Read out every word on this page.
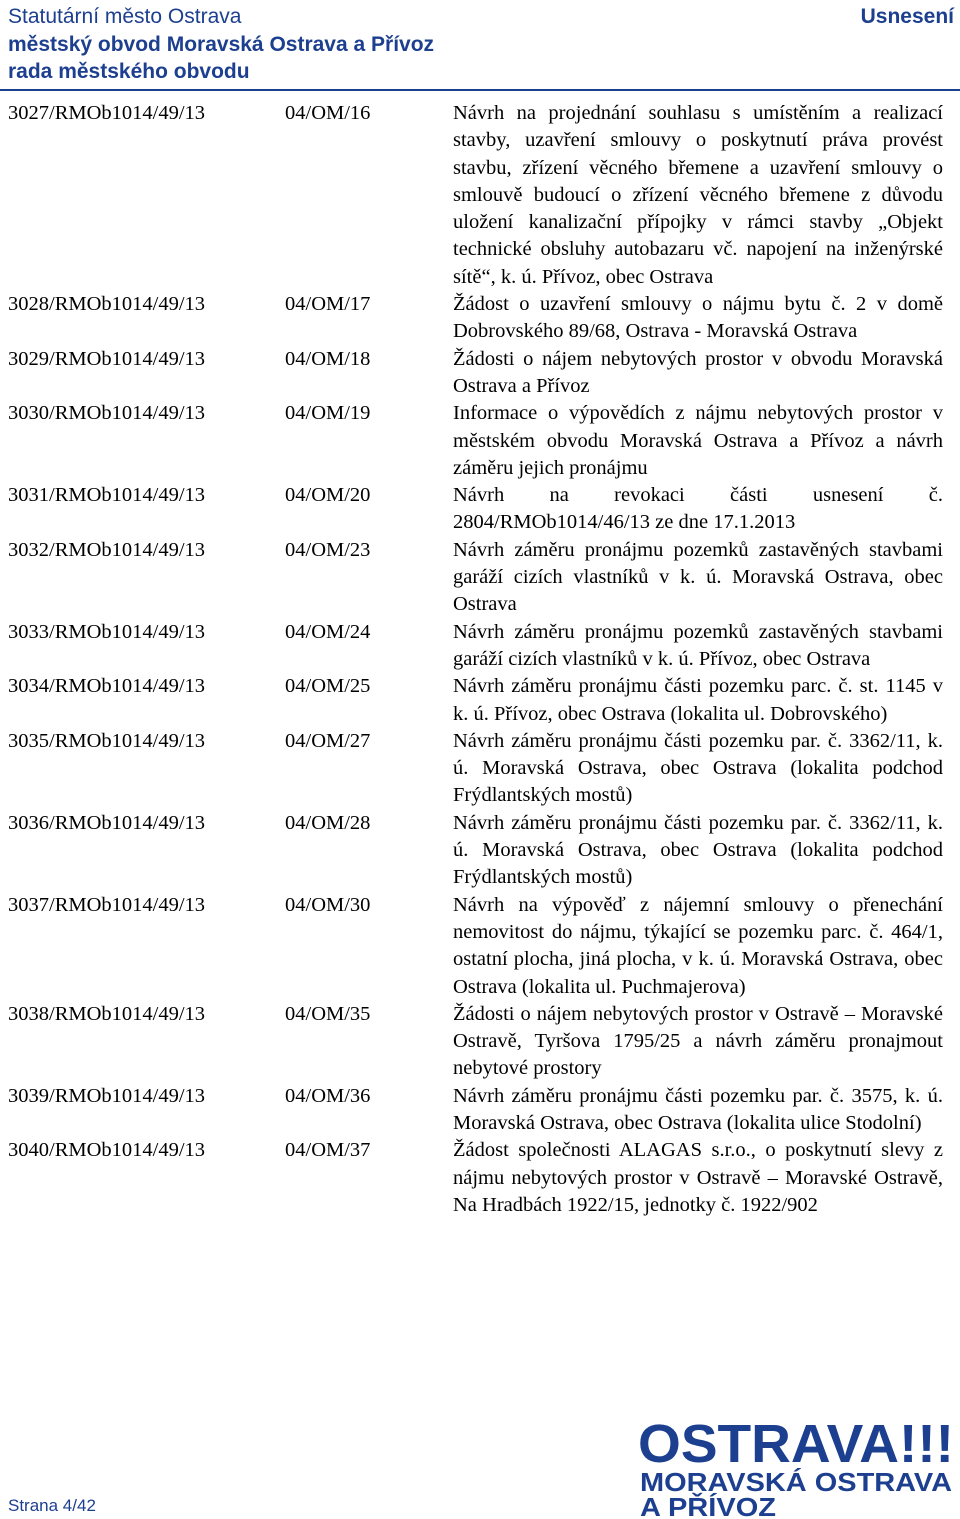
Statutární město Ostrava
městský obvod Moravská Ostrava a Přívoz
rada městského obvodu
Usnesení
3027/RMOb1014/49/13	04/OM/16	Návrh na projednání souhlasu s umístěním a realizací stavby, uzavření smlouvy o poskytnutí práva provést stavbu, zřízení věcného břemene a uzavření smlouvy o smlouvě budoucí o zřízení věcného břemene z důvodu uložení kanalizační přípojky v rámci stavby „Objekt technické obsluhy autobazaru vč. napojení na inženýrské sítě“, k. ú. Přívoz, obec Ostrava
3028/RMOb1014/49/13	04/OM/17	Žádost o uzavření smlouvy o nájmu bytu č. 2 v domě Dobrovského 89/68, Ostrava - Moravská Ostrava
3029/RMOb1014/49/13	04/OM/18	Žádosti o nájem nebytových prostor v obvodu Moravská Ostrava a Přívoz
3030/RMOb1014/49/13	04/OM/19	Informace o výpovědích z nájmu nebytových prostor v městském obvodu Moravská Ostrava a Přívoz a návrh záměru jejich pronájmu
3031/RMOb1014/49/13	04/OM/20	Návrh na revokaci části usnesení č. 2804/RMOb1014/46/13 ze dne 17.1.2013
3032/RMOb1014/49/13	04/OM/23	Návrh záměru pronájmu pozemků zastavěných stavbami garáží cizích vlastníků v k. ú. Moravská Ostrava, obec Ostrava
3033/RMOb1014/49/13	04/OM/24	Návrh záměru pronájmu pozemků zastavěných stavbami garáží cizích vlastníků v k. ú. Přívoz, obec Ostrava
3034/RMOb1014/49/13	04/OM/25	Návrh záměru pronájmu části pozemku parc. č. st. 1145 v k. ú. Přívoz, obec Ostrava (lokalita ul. Dobrovského)
3035/RMOb1014/49/13	04/OM/27	Návrh záměru pronájmu části pozemku par. č. 3362/11, k. ú. Moravská Ostrava, obec Ostrava (lokalita podchod Frýdlantských mostů)
3036/RMOb1014/49/13	04/OM/28	Návrh záměru pronájmu části pozemku par. č. 3362/11, k. ú. Moravská Ostrava, obec Ostrava (lokalita podchod Frýdlantských mostů)
3037/RMOb1014/49/13	04/OM/30	Návrh na výpověď z nájemní smlouvy o přenechání nemovitost do nájmu, týkající se pozemku parc. č. 464/1, ostatní plocha, jiná plocha, v k. ú. Moravská Ostrava, obec Ostrava (lokalita ul. Puchmajerova)
3038/RMOb1014/49/13	04/OM/35	Žádosti o nájem nebytových prostor v Ostravě – Moravské Ostravě, Tyršova 1795/25 a návrh záměru pronajmout nebytové prostory
3039/RMOb1014/49/13	04/OM/36	Návrh záměru pronájmu části pozemku par. č. 3575, k. ú. Moravská Ostrava, obec Ostrava (lokalita ulice Stodolní)
3040/RMOb1014/49/13	04/OM/37	Žádost společnosti ALAGAS s.r.o., o poskytnutí slevy z nájmu nebytových prostor v Ostravě – Moravské Ostravě, Na Hradbách 1922/15, jednotky č. 1922/902
Strana 4/42
OSTRAVA!!!
MORAVSKÁ OSTRAVA
A PŘÍVOZ
